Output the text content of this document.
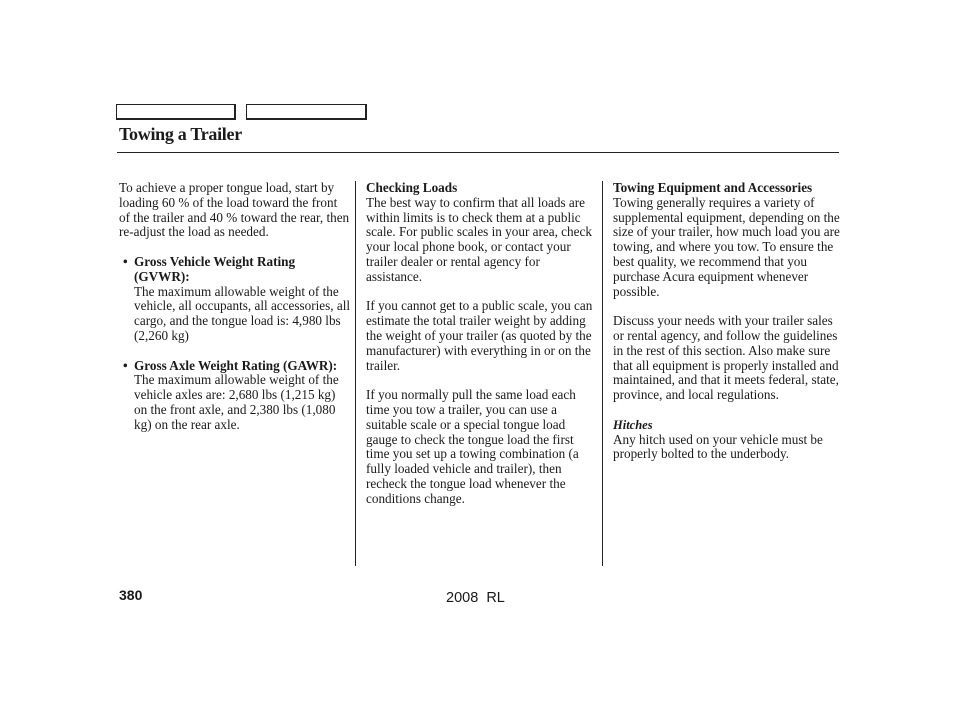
Towing a Trailer

To achieve a proper tongue load, start by loading 60 % of the load toward the front of the trailer and 40 % toward the rear, then re-adjust the load as needed.

• Gross Vehicle Weight Rating (GVWR):
The maximum allowable weight of the vehicle, all occupants, all accessories, all cargo, and the tongue load is: 4,980 lbs (2,260 kg)
• Gross Axle Weight Rating (GAWR):
The maximum allowable weight of the vehicle axles are: 2,680 lbs (1,215 kg) on the front axle, and 2,380 lbs (1,080 kg) on the rear axle.

Checking Loads
The best way to confirm that all loads are within limits is to check them at a public scale. For public scales in your area, check your local phone book, or contact your trailer dealer or rental agency for assistance.

If you cannot get to a public scale, you can estimate the total trailer weight by adding the weight of your trailer (as quoted by the manufacturer) with everything in or on the trailer.

If you normally pull the same load each time you tow a trailer, you can use a suitable scale or a special tongue load gauge to check the tongue load the first time you set up a towing combination (a fully loaded vehicle and trailer), then recheck the tongue load whenever the conditions change.

Towing Equipment and Accessories
Towing generally requires a variety of supplemental equipment, depending on the size of your trailer, how much load you are towing, and where you tow. To ensure the best quality, we recommend that you purchase Acura equipment whenever possible.

Discuss your needs with your trailer sales or rental agency, and follow the guidelines in the rest of this section. Also make sure that all equipment is properly installed and maintained, and that it meets federal, state, province, and local regulations.

Hitches
Any hitch used on your vehicle must be properly bolted to the underbody.

380	2008  RL
